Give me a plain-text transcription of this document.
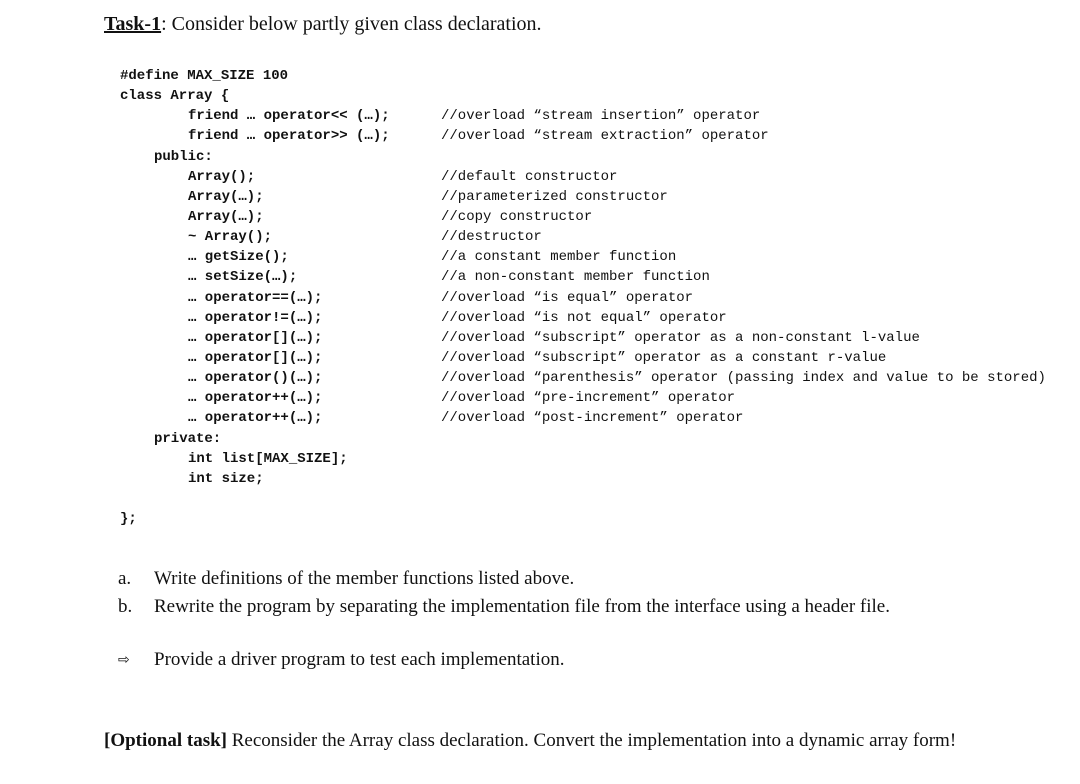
Task-1: Consider below partly given class declaration.
#define MAX_SIZE 100
class Array {
friend … operator<< (…);	//overload “stream insertion” operator
friend … operator>> (…);	//overload “stream extraction” operator
public:
Array();	//default constructor
Array(…);	//parameterized constructor
Array(…);	//copy constructor
~ Array();	//destructor
… getSize();	//a constant member function
… setSize(…);	//a non-constant member function
… operator==(…);	//overload “is equal” operator
… operator!=(…);	//overload “is not equal” operator
… operator[](…);	//overload “subscript” operator as a non-constant l-value
… operator[](…);	//overload “subscript” operator as a constant r-value
… operator()(…);	//overload “parenthesis” operator (passing index and value to be stored)
… operator++(…);	//overload “pre-increment” operator
… operator++(…);	//overload “post-increment” operator
private:
int list[MAX_SIZE];
int size;
};
a. Write definitions of the member functions listed above.
b. Rewrite the program by separating the implementation file from the interface using a header file.
⇨ Provide a driver program to test each implementation.
[Optional task] Reconsider the Array class declaration. Convert the implementation into a dynamic array form!
